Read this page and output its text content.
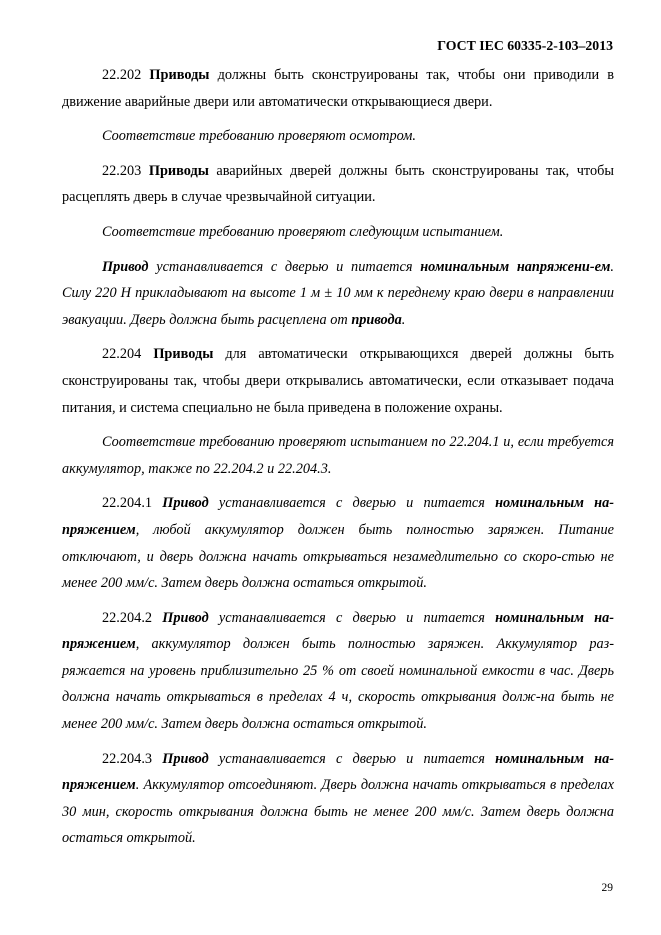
ГОСТ IEC 60335-2-103–2013

22.202 Приводы должны быть сконструированы так, чтобы они приводили в движение аварийные двери или автоматически открывающиеся двери.

Соответствие требованию проверяют осмотром.

22.203 Приводы аварийных дверей должны быть сконструированы так, чтобы расцеплять дверь в случае чрезвычайной ситуации.

Соответствие требованию проверяют следующим испытанием.

Привод устанавливается с дверью и питается номинальным напряжени-ем. Силу 220 Н прикладывают на высоте 1 м ± 10 мм к переднему краю двери в направлении эвакуации. Дверь должна быть расцеплена от привода.

22.204 Приводы для автоматически открывающихся дверей должны быть сконструированы так, чтобы двери открывались автоматически, если отказывает подача питания, и система специально не была приведена в положение охраны.

Соответствие требованию проверяют испытанием по 22.204.1 и, если требуется аккумулятор, также по 22.204.2 и 22.204.3.

22.204.1 Привод устанавливается с дверью и питается номинальным на-пряжением, любой аккумулятор должен быть полностью заряжен. Питание отключают, и дверь должна начать открываться незамедлительно со скоро-стью не менее 200 мм/с. Затем дверь должна остаться открытой.

22.204.2 Привод устанавливается с дверью и питается номинальным на-пряжением, аккумулятор должен быть полностью заряжен. Аккумулятор раз-ряжается на уровень приблизительно 25 % от своей номинальной емкости в час. Дверь должна начать открываться в пределах 4 ч, скорость открывания долж-на быть не менее 200 мм/с. Затем дверь должна остаться открытой.

22.204.3 Привод устанавливается с дверью и питается номинальным на-пряжением. Аккумулятор отсоединяют. Дверь должна начать открываться в пределах 30 мин, скорость открывания должна быть не менее 200 мм/с. Затем дверь должна остаться открытой.

29
